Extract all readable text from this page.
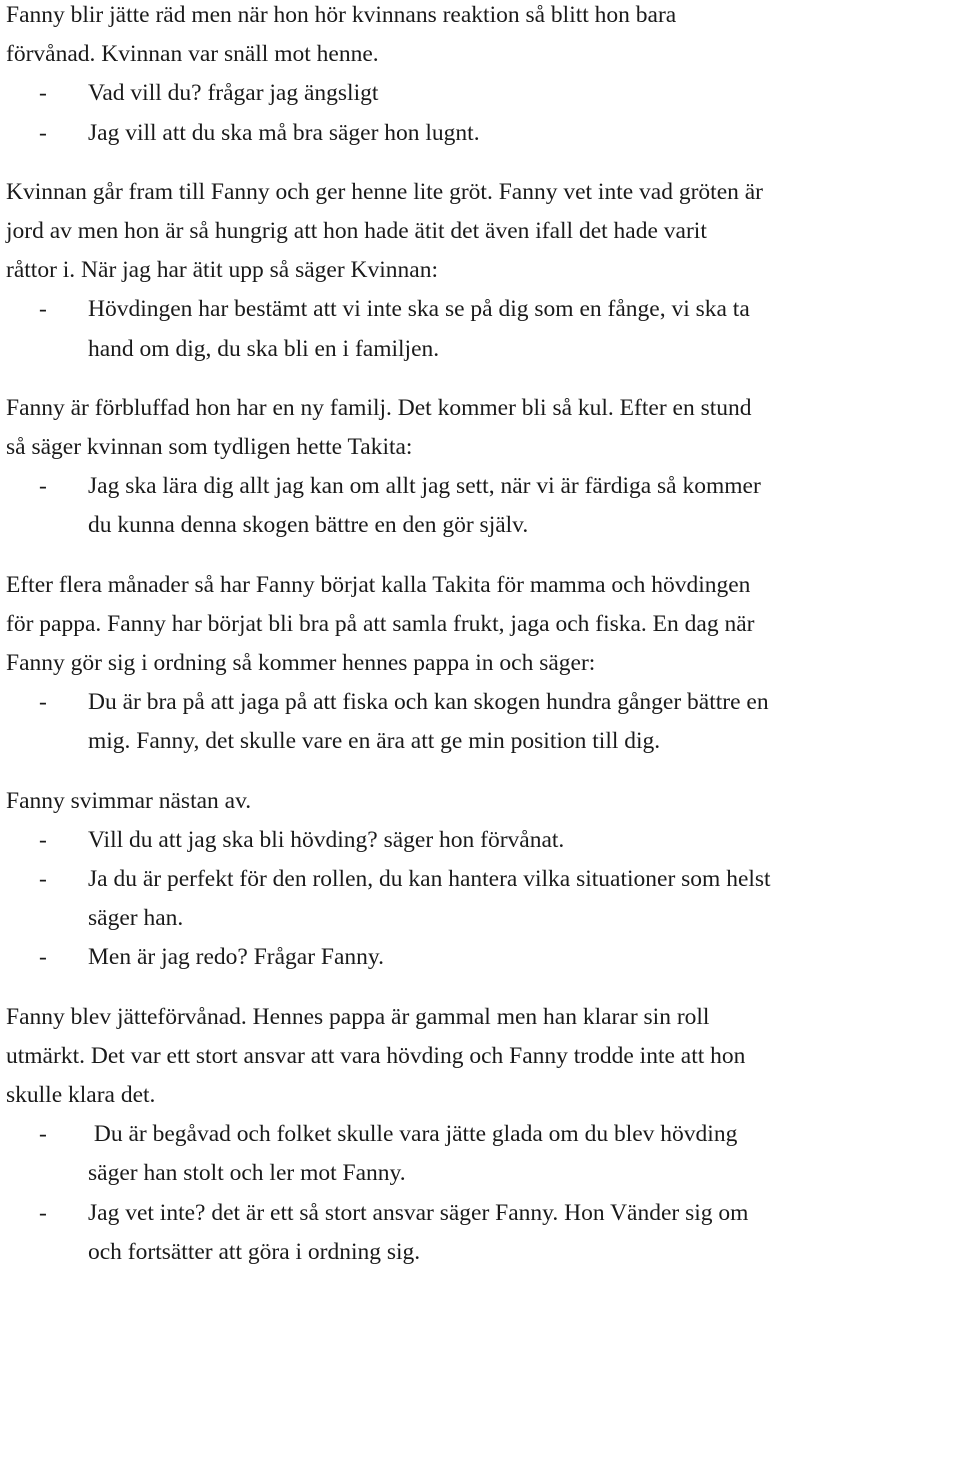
Fanny blir jätte räd men när hon hör kvinnans reaktion så blitt hon bara
förvånad. Kvinnan var snäll mot henne.
- Vad vill du? frågar jag ängsligt
- Jag vill att du ska må bra säger hon lugnt.
Kvinnan går fram till Fanny och ger henne lite gröt. Fanny vet inte vad gröten är
jord av men hon är så hungrig att hon hade ätit det även ifall det hade varit
råttor i. När jag har ätit upp så säger Kvinnan:
- Hövdingen har bestämt att vi inte ska se på dig som en fånge, vi ska ta
hand om dig, du ska bli en i familjen.
Fanny är förbluffad hon har en ny familj. Det kommer bli så kul. Efter en stund
så säger kvinnan som tydligen hette Takita:
- Jag ska lära dig allt jag kan om allt jag sett, när vi är färdiga så kommer
du kunna denna skogen bättre en den gör själv.
Efter flera månader så har Fanny börjat kalla Takita för mamma och hövdingen
för pappa. Fanny har börjat bli bra på att samla frukt, jaga och fiska. En dag när
Fanny gör sig i ordning så kommer hennes pappa in och säger:
- Du är bra på att jaga på att fiska och kan skogen hundra gånger bättre en
mig. Fanny, det skulle vare en ära att ge min position till dig.
Fanny svimmar nästan av.
- Vill du att jag ska bli hövding? säger hon förvånat.
- Ja du är perfekt för den rollen, du kan hantera vilka situationer som helst
säger han.
- Men är jag redo? Frågar Fanny.
Fanny blev jätteförvånad. Hennes pappa är gammal men han klarar sin roll
utmärkt. Det var ett stort ansvar att vara hövding och Fanny trodde inte att hon
skulle klara det.
- Du är begåvad och folket skulle vara jätte glada om du blev hövding
säger han stolt och ler mot Fanny.
- Jag vet inte? det är ett så stort ansvar säger Fanny. Hon Vänder sig om
och fortsätter att göra i ordning sig.
